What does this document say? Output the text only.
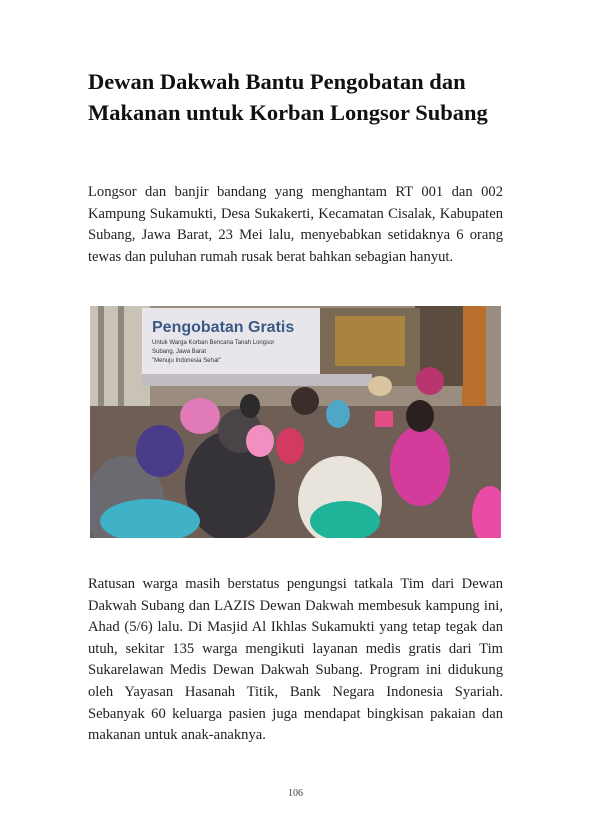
Dewan Dakwah Bantu Pengobatan dan Makanan untuk Korban Longsor Subang
Longsor dan banjir bandang yang menghantam RT 001 dan 002 Kampung Sukamukti, Desa Sukakerti, Kecamatan Cisalak, Kabupaten Subang, Jawa Barat, 23 Mei lalu, menyebabkan setidaknya 6 orang tewas dan puluhan rumah rusak berat bahkan sebagian hanyut.
Pengobatan Gratis
Untuk Warga Korban Bencana Tanah Longsor
Subang, Jawa Barat
"Menuju Indonesia Sehat"
Ratusan warga masih berstatus pengungsi tatkala Tim dari Dewan Dakwah Subang dan LAZIS Dewan Dakwah membesuk kampung ini, Ahad (5/6) lalu. Di Masjid Al Ikhlas Sukamukti yang tetap tegak dan utuh, sekitar 135 warga mengikuti layanan medis gratis dari Tim Sukarelawan Medis Dewan Dakwah Subang. Program ini didukung oleh Yayasan Hasanah Titik, Bank Negara Indonesia Syariah. Sebanyak 60 keluarga pasien juga mendapat bingkisan pakaian dan makanan untuk anak-anaknya.
106
